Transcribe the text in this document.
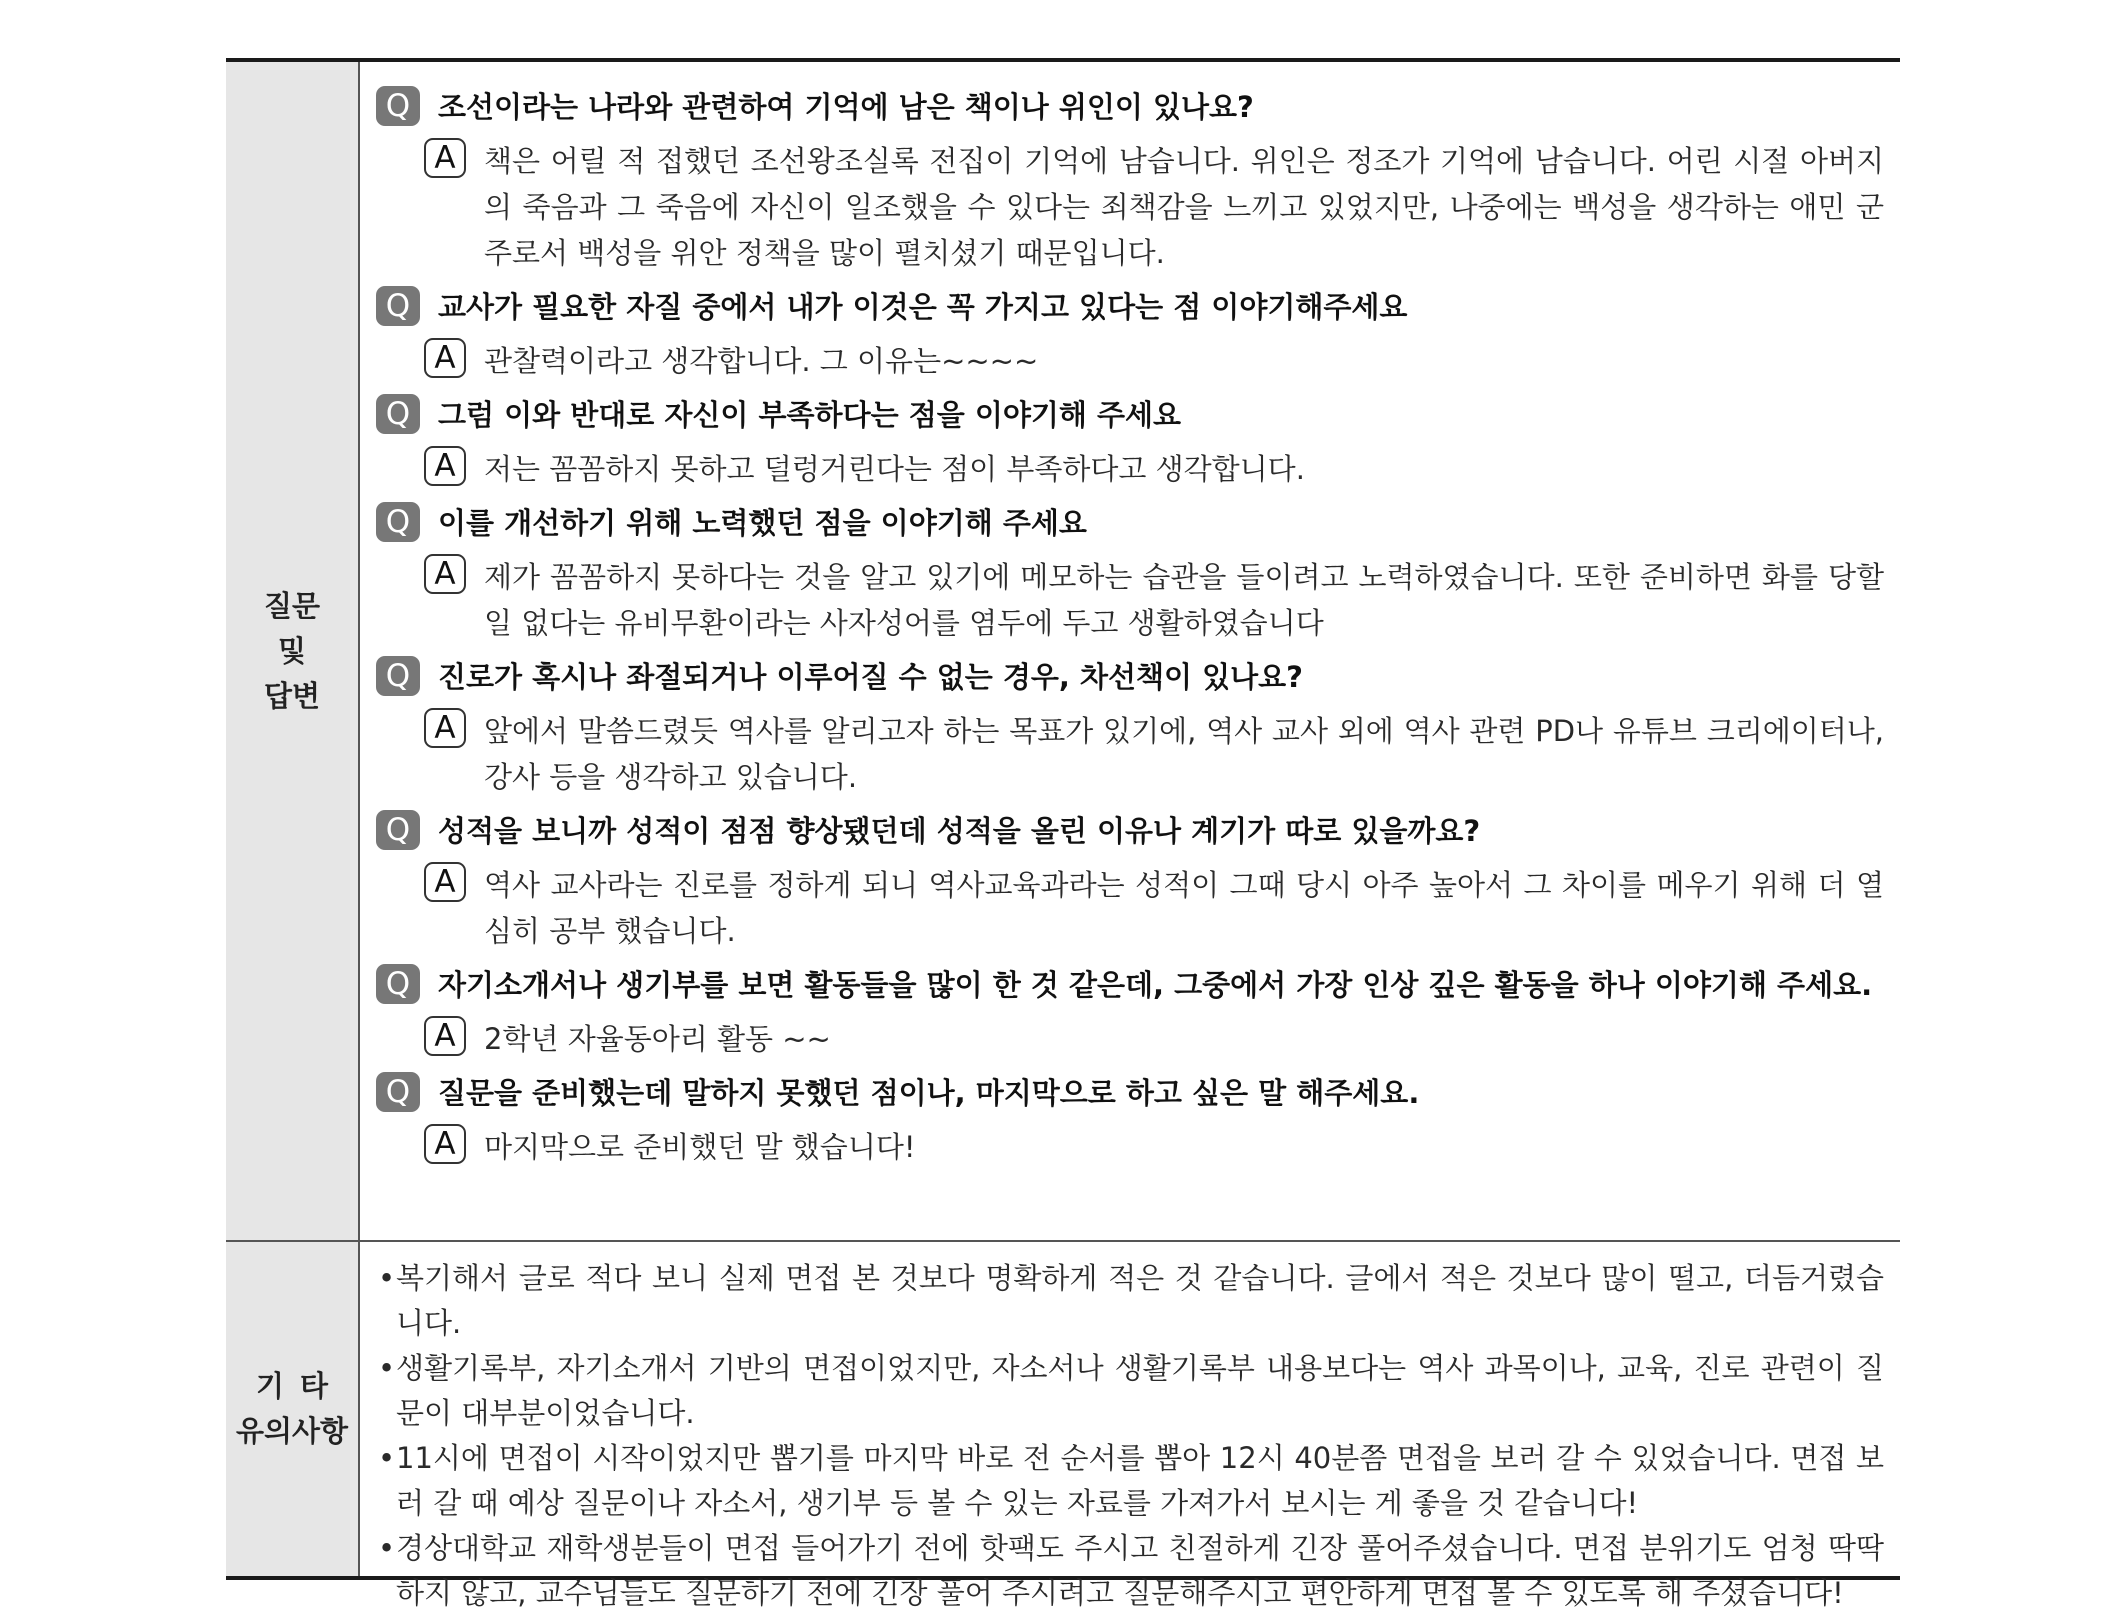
질문
및
답변
Q 조선이라는 나라와 관련하여 기억에 남은 책이나 위인이 있나요?
A 책은 어릴 적 접했던 조선왕조실록 전집이 기억에 남습니다. 위인은 정조가 기억에 남습니다. 어린 시절 아버지의 죽음과 그 죽음에 자신이 일조했을 수 있다는 죄책감을 느끼고 있었지만, 나중에는 백성을 생각하는 애민 군주로서 백성을 위안 정책을 많이 펼치셨기 때문입니다.
Q 교사가 필요한 자질 중에서 내가 이것은 꼭 가지고 있다는 점 이야기해주세요
A 관찰력이라고 생각합니다. 그 이유는~~~~
Q 그럼 이와 반대로 자신이 부족하다는 점을 이야기해 주세요
A 저는 꼼꼼하지 못하고 덜렁거린다는 점이 부족하다고 생각합니다.
Q 이를 개선하기 위해 노력했던 점을 이야기해 주세요
A 제가 꼼꼼하지 못하다는 것을 알고 있기에 메모하는 습관을 들이려고 노력하였습니다. 또한 준비하면 화를 당할 일 없다는 유비무환이라는 사자성어를 염두에 두고 생활하였습니다
Q 진로가 혹시나 좌절되거나 이루어질 수 없는 경우, 차선책이 있나요?
A 앞에서 말씀드렸듯 역사를 알리고자 하는 목표가 있기에, 역사 교사 외에 역사 관련 PD나 유튜브 크리에이터나, 강사 등을 생각하고 있습니다.
Q 성적을 보니까 성적이 점점 향상됐던데 성적을 올린 이유나 계기가 따로 있을까요?
A 역사 교사라는 진로를 정하게 되니 역사교육과라는 성적이 그때 당시 아주 높아서 그 차이를 메우기 위해 더 열심히 공부 했습니다.
Q 자기소개서나 생기부를 보면 활동들을 많이 한 것 같은데, 그중에서 가장 인상 깊은 활동을 하나 이야기해 주세요.
A 2학년 자율동아리 활동 ~~
Q 질문을 준비했는데 말하지 못했던 점이나, 마지막으로 하고 싶은 말 해주세요.
A 마지막으로 준비했던 말 했습니다!
기 타
유의사항
• 복기해서 글로 적다 보니 실제 면접 본 것보다 명확하게 적은 것 같습니다. 글에서 적은 것보다 많이 떨고, 더듬거렸습니다.
• 생활기록부, 자기소개서 기반의 면접이었지만, 자소서나 생활기록부 내용보다는 역사 과목이나, 교육, 진로 관련이 질문이 대부분이었습니다.
• 11시에 면접이 시작이었지만 뽑기를 마지막 바로 전 순서를 뽑아 12시 40분쯤 면접을 보러 갈 수 있었습니다. 면접 보러 갈 때 예상 질문이나 자소서, 생기부 등 볼 수 있는 자료를 가져가서 보시는 게 좋을 것 같습니다!
• 경상대학교 재학생분들이 면접 들어가기 전에 핫팩도 주시고 친절하게 긴장 풀어주셨습니다. 면접 분위기도 엄청 딱딱하지 않고, 교수님들도 질문하기 전에 긴장 풀어 주시려고 질문해주시고 편안하게 면접 볼 수 있도록 해 주셨습니다!
